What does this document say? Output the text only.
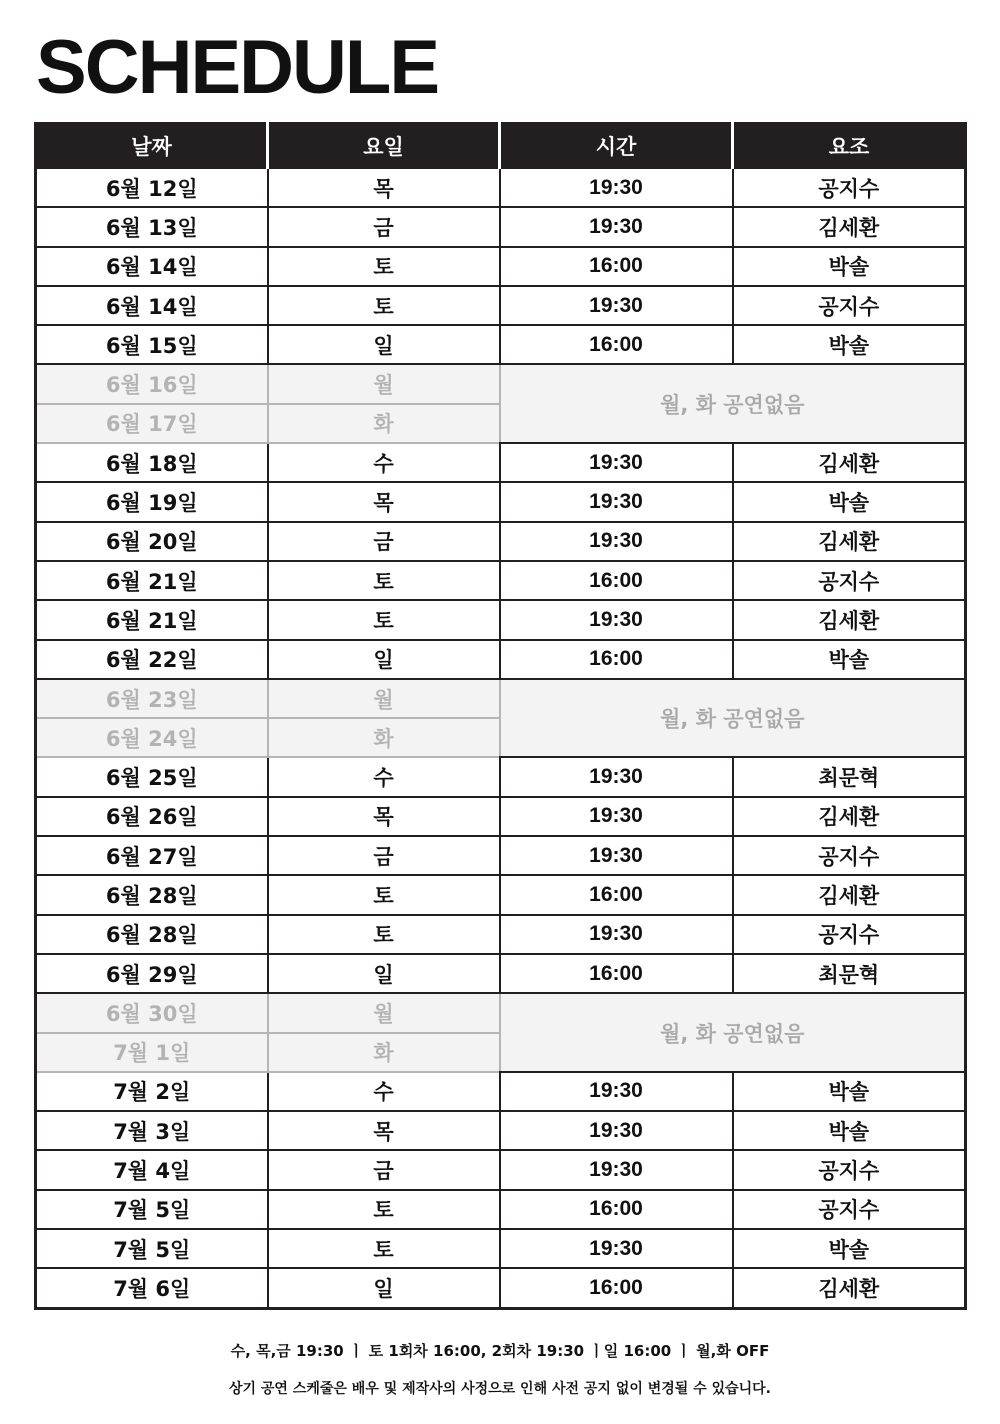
SCHEDULE
날짜	요일	시간	요조
6월 12일	목	19:30	공지수
6월 13일	금	19:30	김세환
6월 14일	토	16:00	박솔
6월 14일	토	19:30	공지수
6월 15일	일	16:00	박솔
6월 16일	월	월, 화 공연없음	
6월 17일	화		
6월 18일	수	19:30	김세환
6월 19일	목	19:30	박솔
6월 20일	금	19:30	김세환
6월 21일	토	16:00	공지수
6월 21일	토	19:30	김세환
6월 22일	일	16:00	박솔
6월 23일	월	월, 화 공연없음	
6월 24일	화		
6월 25일	수	19:30	최문혁
6월 26일	목	19:30	김세환
6월 27일	금	19:30	공지수
6월 28일	토	16:00	김세환
6월 28일	토	19:30	공지수
6월 29일	일	16:00	최문혁
6월 30일	월	월, 화 공연없음	
7월 1일	화		
7월 2일	수	19:30	박솔
7월 3일	목	19:30	박솔
7월 4일	금	19:30	공지수
7월 5일	토	16:00	공지수
7월 5일	토	19:30	박솔
7월 6일	일	16:00	김세환
수, 목,금 19:30 ㅣ 토 1회차 16:00, 2회차 19:30 ㅣ일 16:00 ㅣ 월,화 OFF
상기 공연 스케줄은 배우 및 제작사의 사정으로 인해 사전 공지 없이 변경될 수 있습니다.
